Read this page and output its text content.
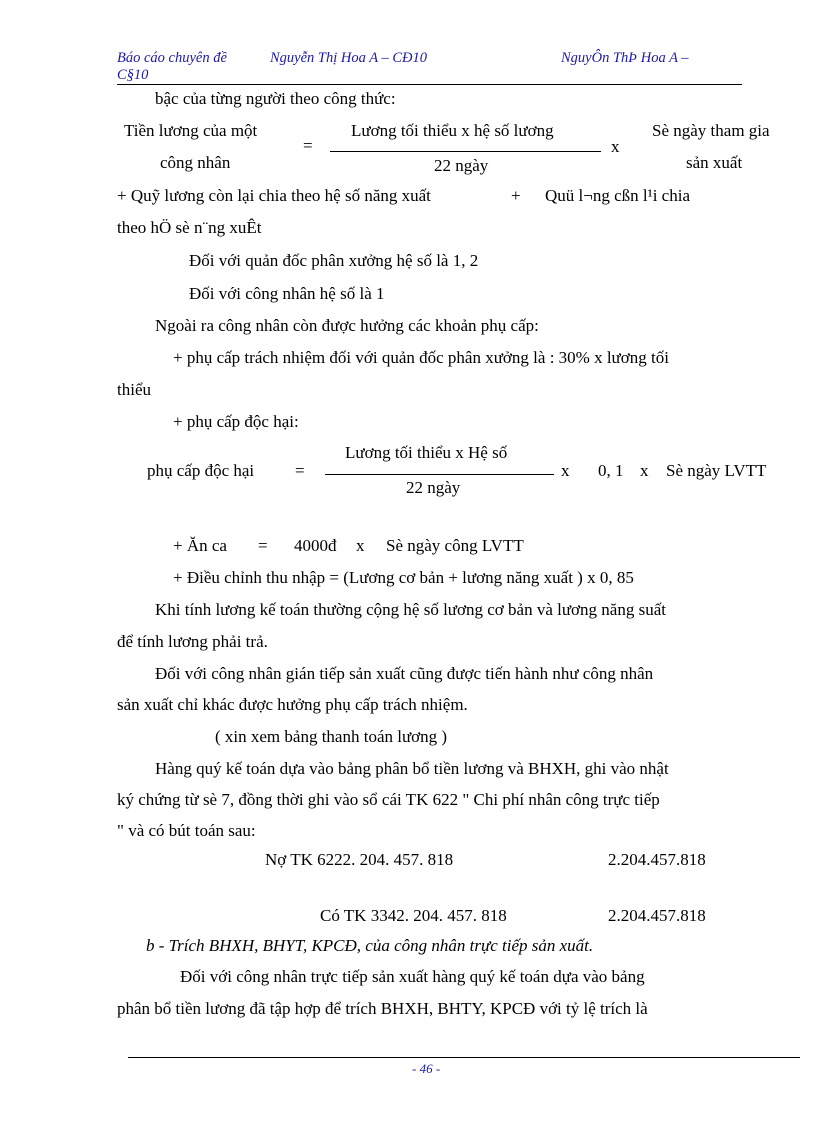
Báo cáo chuyên đề	Nguyễn Thị Hoa A – CĐ10	NguyÔn ThÞ Hoa A –
C§10
bậc của từng người theo công thức:
Tiền lương của một
công nhân
=
Lương tối thiểu x hệ số lương
22 ngày
x
Sè ngày tham gia
sản xuất
+ Quỹ lương còn lại chia theo hệ số năng xuất	+ Quü l¬ng cßn l¹i chia
theo hÖ sè n¨ng xuÊt
Đối với quản đốc phân xưởng hệ số là 1, 2
Đối với công nhân hệ số là 1
Ngoài ra công nhân còn được hưởng các khoản phụ cấp:
+ phụ cấp trách nhiệm đối với quản đốc phân xưởng là : 30% x lương tối
thiểu
+ phụ cấp độc hại:
phụ cấp độc hại =
Lương tối thiểu x Hệ số
22 ngày
x 0, 1 x Sè ngày LVTT
+ Ăn ca = 4000đ x Sè ngày công LVTT
+ Điều chỉnh thu nhập = (Lương cơ bản + lương năng xuất ) x 0, 85
Khi tính lương kế toán thường cộng hệ số lương cơ bản và lương năng suất
để tính lương phải trả.
Đối với công nhân gián tiếp sản xuất cũng được tiến hành như công nhân
sản xuất chỉ khác được hưởng phụ cấp trách nhiệm.
( xin xem bảng thanh toán lương )
Hàng quý kế toán dựa vào bảng phân bổ tiền lương và BHXH, ghi vào nhật
ký chứng từ sè 7, đồng thời ghi vào sổ cái TK 622 " Chi phí nhân công trực tiếp
" và có bút toán sau:
Nợ TK 6222. 204. 457. 818	2.204.457.818
Có TK 3342. 204. 457. 818	2.204.457.818
b - Trích BHXH, BHYT, KPCĐ, của công nhân trực tiếp sản xuất.
Đối với công nhân trực tiếp sản xuất hàng quý kế toán dựa vào bảng
phân bổ tiền lương đã tập hợp để trích BHXH, BHTY, KPCĐ với tỷ lệ trích là
- 46 -
